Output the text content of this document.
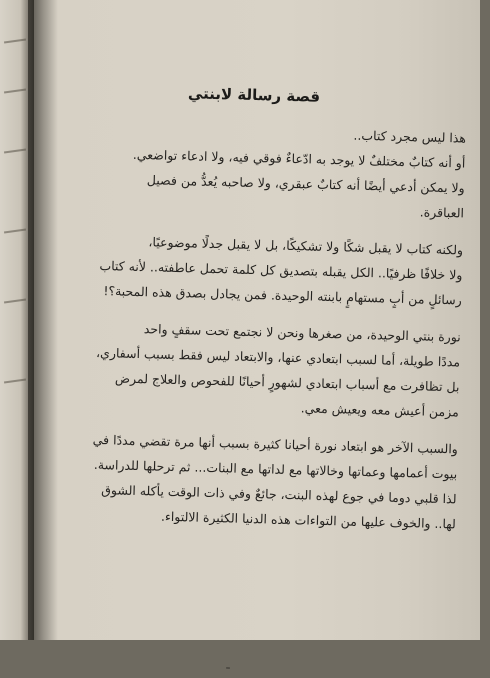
قصة رسالة لابنتي
هذا ليس مجرد كتاب..
أو أنه كتابٌ مختلفٌ لا يوجد به ادّعاءٌ فوقي فيه، ولا ادعاء تواضعي.
ولا يمكن أدعي أيضًا أنه كتابٌ عبقري، ولا صاحبه يُعدُّ من فصيل
العباقرة.
ولكنه كتاب لا يقبل شكًا ولا تشكيكًا، بل لا يقبل جدلًا موضوعيًا،
ولا خلافًا ظرفيًا.. الكل يقبله بتصديق كل كلمة تحمل عاطفته.. لأنه كتاب
رسائلٍ من أبٍ مستهامٍ بابنته الوحيدة. فمن يجادل بصدق هذه المحبة؟!
نورة بنتي الوحيدة، من صغرها ونحن لا نجتمع تحت سقفٍ واحد
مددًا طويلة، أما لسبب ابتعادي عنها، والابتعاد ليس فقط بسبب أسفاري،
بل تظافرت مع أسباب ابتعادي لشهورٍ أحيانًا للفحوص والعلاج لمرض
مزمن أعيش معه ويعيش معي.
والسبب الآخر هو ابتعاد نورة أحيانا كثيرة بسبب أنها مرة تقضي مددًا في
بيوت أعمامها وعماتها وخالاتها مع لداتها مع البنات... ثم ترحلها للدراسة.
لذا قلبي دوما في جوع لهذه البنت، جائعٌ وفي ذات الوقت يأكله الشوق
لها.. والخوف عليها من التواءات هذه الدنيا الكثيرة الالتواء.
ـ
